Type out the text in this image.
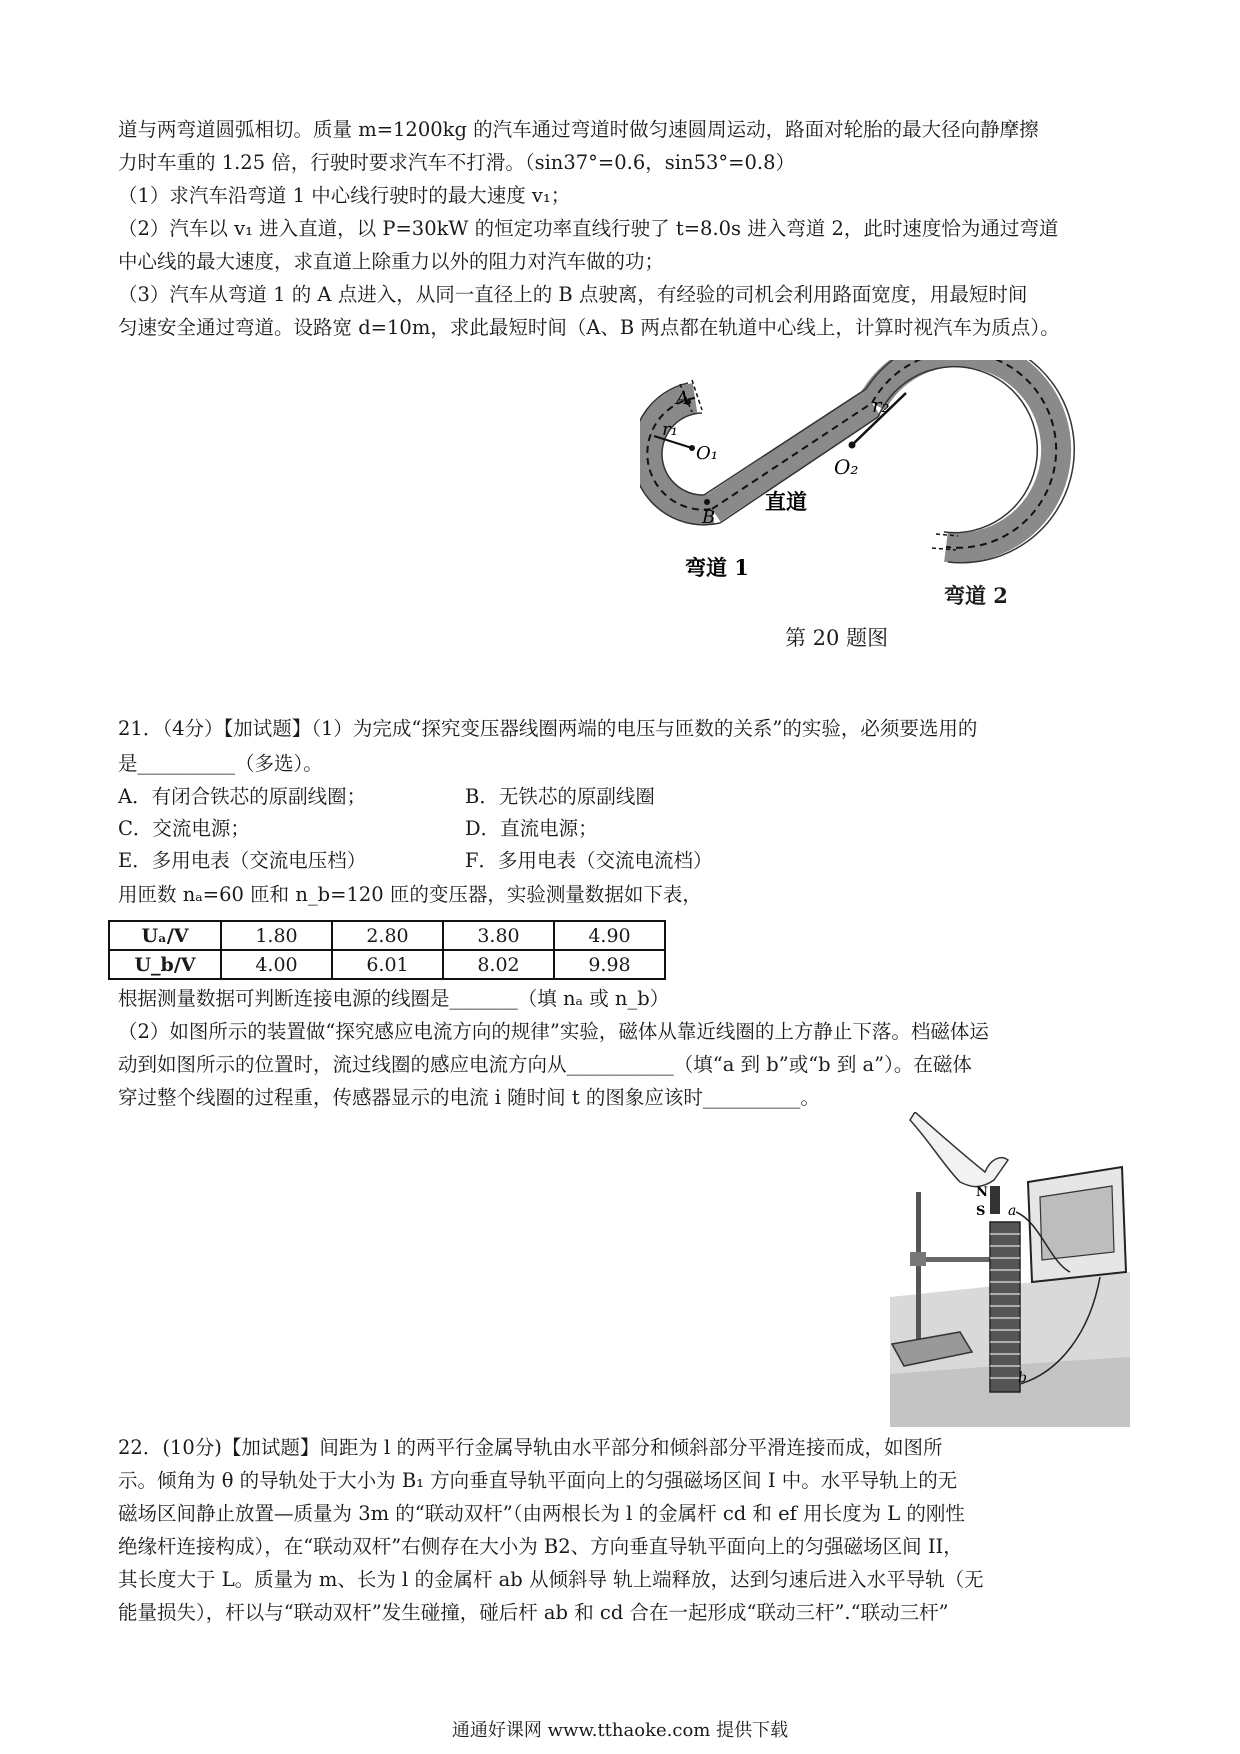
道与两弯道圆弧相切。质量 m=1200kg 的汽车通过弯道时做匀速圆周运动，路面对轮胎的最大径向静摩擦
力时车重的 1.25 倍，行驶时要求汽车不打滑。（sin37°=0.6，sin53°=0.8）
（1）求汽车沿弯道 1 中心线行驶时的最大速度 v₁；
（2）汽车以 v₁ 进入直道，以 P=30kW 的恒定功率直线行驶了 t=8.0s 进入弯道 2，此时速度恰为通过弯道
中心线的最大速度，求直道上除重力以外的阻力对汽车做的功；
（3）汽车从弯道 1 的 A 点进入，从同一直径上的 B 点驶离，有经验的司机会利用路面宽度，用最短时间
匀速安全通过弯道。设路宽 d=10m，求此最短时间（A、B 两点都在轨道中心线上，计算时视汽车为质点）。
A
r₁
O₁
B
r₂
O₂
直道
弯道 1
弯道 2
第 20 题图
21．（4分）【加试题】（1）为完成“探究变压器线圈两端的电压与匝数的关系”的实验，必须要选用的
是__________（多选）。
A．有闭合铁芯的原副线圈；	B．无铁芯的原副线圈
C．交流电源；	D．直流电源；
E．多用电表（交流电压档）	F．多用电表（交流电流档）
用匝数 nₐ=60 匝和 n_b=120 匝的变压器，实验测量数据如下表，
Uₐ/V	1.80	2.80	3.80	4.90
U_b/V	4.00	6.01	8.02	9.98
根据测量数据可判断连接电源的线圈是_______（填 nₐ 或 n_b）
（2）如图所示的装置做“探究感应电流方向的规律”实验，磁体从靠近线圈的上方静止下落。档磁体运
动到如图所示的位置时，流过线圈的感应电流方向从___________（填“a 到 b”或“b 到 a”）。在磁体
穿过整个线圈的过程重，传感器显示的电流 i 随时间 t 的图象应该时__________。
N
S a
b
22．(10分)【加试题】间距为 l 的两平行金属导轨由水平部分和倾斜部分平滑连接而成，如图所
示。倾角为 θ 的导轨处于大小为 B₁ 方向垂直导轨平面向上的匀强磁场区间 I 中。水平导轨上的无
磁场区间静止放置—质量为 3m 的“联动双杆”（由两根长为 l 的金属杆 cd 和 ef 用长度为 L 的刚性
绝缘杆连接构成），在“联动双杆”右侧存在大小为 B2、方向垂直导轨平面向上的匀强磁场区间 II，
其长度大于 L。质量为 m、长为 l 的金属杆 ab 从倾斜导 轨上端释放，达到匀速后进入水平导轨（无
能量损失），杆以与“联动双杆”发生碰撞，碰后杆 ab 和 cd 合在一起形成“联动三杆”.“联动三杆”
通通好课网 www.tthaoke.com 提供下载
